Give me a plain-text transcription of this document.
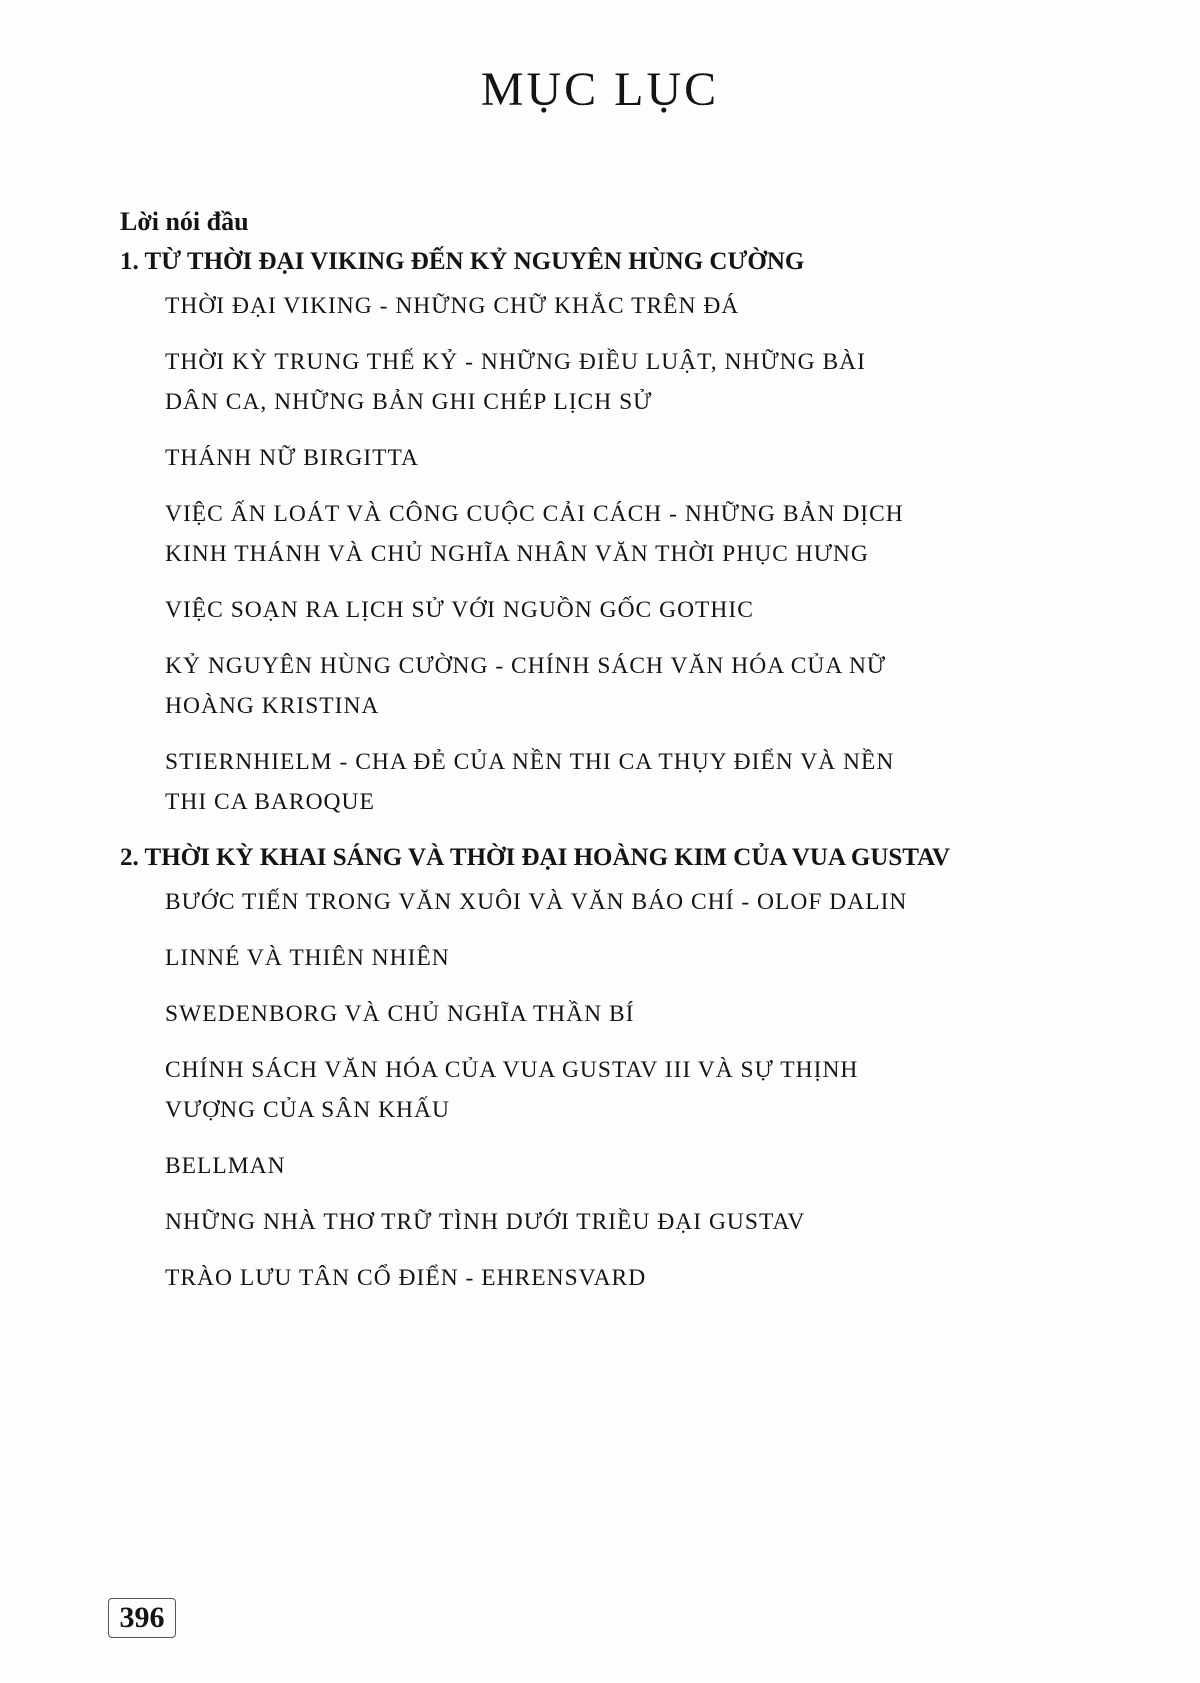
MỤC LỤC
Lời nói đầu
1. TỪ THỜI ĐẠI VIKING ĐẾN KỶ NGUYÊN HÙNG CƯỜNG
THỜI ĐẠI VIKING - NHỮNG CHỮ KHẮC TRÊN ĐÁ
THỜI KỲ TRUNG THẾ KỶ - NHỮNG ĐIỀU LUẬT, NHỮNG BÀI DÂN CA, NHỮNG BẢN GHI CHÉP LỊCH SỬ
THÁNH NỮ BIRGITTA
VIỆC ẤN LOÁT VÀ CÔNG CUỘC CẢI CÁCH - NHỮNG BẢN DỊCH KINH THÁNH VÀ CHỦ NGHĨA NHÂN VĂN THỜI PHỤC HƯNG
VIỆC SOẠN RA LỊCH SỬ VỚI NGUỒN GỐC GOTHIC
KỶ NGUYÊN HÙNG CƯỜNG - CHÍNH SÁCH VĂN HÓA CỦA NỮ HOÀNG KRISTINA
STIERNHIELM - CHA ĐẺ CỦA NỀN THI CA THỤY ĐIỂN VÀ NỀN THI CA BAROQUE
2. THỜI KỲ KHAI SÁNG VÀ THỜI ĐẠI HOÀNG KIM CỦA VUA GUSTAV
BƯỚC TIẾN TRONG VĂN XUÔI VÀ VĂN BÁO CHÍ - OLOF DALIN
LINNÉ VÀ THIÊN NHIÊN
SWEDENBORG VÀ CHỦ NGHĨA THẦN BÍ
CHÍNH SÁCH VĂN HÓA CỦA VUA GUSTAV III VÀ SỰ THỊNH VƯỢNG CỦA SÂN KHẤU
BELLMAN
NHỮNG NHÀ THƠ TRỮ TÌNH DƯỚI TRIỀU ĐẠI GUSTAV
TRÀO LƯU TÂN CỔ ĐIỂN - EHRENSVARD
396
